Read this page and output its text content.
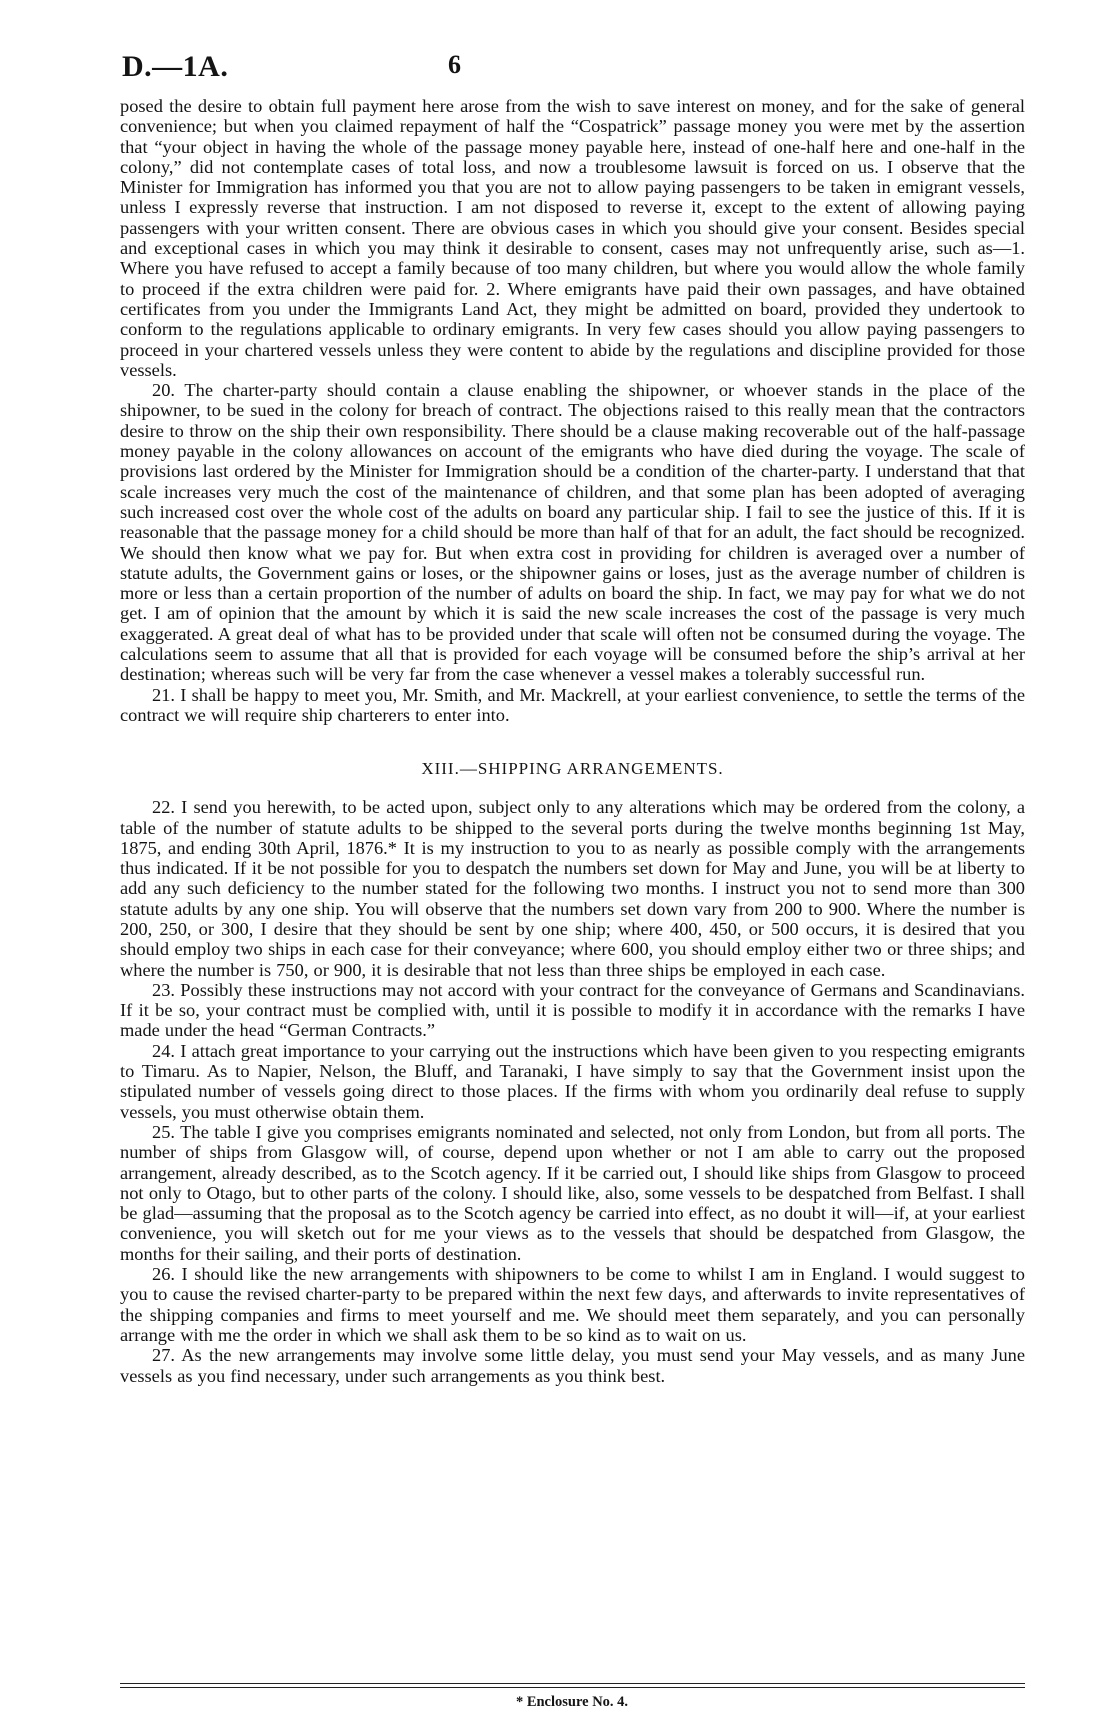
D.—1A.	6

posed the desire to obtain full payment here arose from the wish to save interest on money, and for the sake of general convenience; but when you claimed repayment of half the “Cospatrick” passage money you were met by the assertion that “your object in having the whole of the passage money payable here, instead of one-half here and one-half in the colony,” did not contemplate cases of total loss, and now a troublesome lawsuit is forced on us. I observe that the Minister for Immigration has informed you that you are not to allow paying passengers to be taken in emigrant vessels, unless I expressly reverse that instruction. I am not disposed to reverse it, except to the extent of allowing paying passengers with your written consent. There are obvious cases in which you should give your consent. Besides special and exceptional cases in which you may think it desirable to consent, cases may not unfrequently arise, such as—1. Where you have refused to accept a family because of too many children, but where you would allow the whole family to proceed if the extra children were paid for. 2. Where emigrants have paid their own passages, and have obtained certificates from you under the Immigrants Land Act, they might be admitted on board, provided they undertook to conform to the regulations applicable to ordinary emigrants. In very few cases should you allow paying passengers to proceed in your chartered vessels unless they were content to abide by the regulations and discipline provided for those vessels.

20. The charter-party should contain a clause enabling the shipowner, or whoever stands in the place of the shipowner, to be sued in the colony for breach of contract. The objections raised to this really mean that the contractors desire to throw on the ship their own responsibility. There should be a clause making recoverable out of the half-passage money payable in the colony allowances on account of the emigrants who have died during the voyage. The scale of provisions last ordered by the Minister for Immigration should be a condition of the charter-party. I understand that that scale increases very much the cost of the maintenance of children, and that some plan has been adopted of averaging such increased cost over the whole cost of the adults on board any particular ship. I fail to see the justice of this. If it is reasonable that the passage money for a child should be more than half of that for an adult, the fact should be recognized. We should then know what we pay for. But when extra cost in providing for children is averaged over a number of statute adults, the Government gains or loses, or the shipowner gains or loses, just as the average number of children is more or less than a certain proportion of the number of adults on board the ship. In fact, we may pay for what we do not get. I am of opinion that the amount by which it is said the new scale increases the cost of the passage is very much exaggerated. A great deal of what has to be provided under that scale will often not be consumed during the voyage. The calculations seem to assume that all that is provided for each voyage will be consumed before the ship’s arrival at her destination; whereas such will be very far from the case whenever a vessel makes a tolerably successful run.

21. I shall be happy to meet you, Mr. Smith, and Mr. Mackrell, at your earliest convenience, to settle the terms of the contract we will require ship charterers to enter into.

XIII.—SHIPPING ARRANGEMENTS.

22. I send you herewith, to be acted upon, subject only to any alterations which may be ordered from the colony, a table of the number of statute adults to be shipped to the several ports during the twelve months beginning 1st May, 1875, and ending 30th April, 1876.* It is my instruction to you to as nearly as possible comply with the arrangements thus indicated. If it be not possible for you to despatch the numbers set down for May and June, you will be at liberty to add any such deficiency to the number stated for the following two months. I instruct you not to send more than 300 statute adults by any one ship. You will observe that the numbers set down vary from 200 to 900. Where the number is 200, 250, or 300, I desire that they should be sent by one ship; where 400, 450, or 500 occurs, it is desired that you should employ two ships in each case for their conveyance; where 600, you should employ either two or three ships; and where the number is 750, or 900, it is desirable that not less than three ships be employed in each case.

23. Possibly these instructions may not accord with your contract for the conveyance of Germans and Scandinavians. If it be so, your contract must be complied with, until it is possible to modify it in accordance with the remarks I have made under the head “German Contracts.”

24. I attach great importance to your carrying out the instructions which have been given to you respecting emigrants to Timaru. As to Napier, Nelson, the Bluff, and Taranaki, I have simply to say that the Government insist upon the stipulated number of vessels going direct to those places. If the firms with whom you ordinarily deal refuse to supply vessels, you must otherwise obtain them.

25. The table I give you comprises emigrants nominated and selected, not only from London, but from all ports. The number of ships from Glasgow will, of course, depend upon whether or not I am able to carry out the proposed arrangement, already described, as to the Scotch agency. If it be carried out, I should like ships from Glasgow to proceed not only to Otago, but to other parts of the colony. I should like, also, some vessels to be despatched from Belfast. I shall be glad—assuming that the proposal as to the Scotch agency be carried into effect, as no doubt it will—if, at your earliest convenience, you will sketch out for me your views as to the vessels that should be despatched from Glasgow, the months for their sailing, and their ports of destination.

26. I should like the new arrangements with shipowners to be come to whilst I am in England. I would suggest to you to cause the revised charter-party to be prepared within the next few days, and afterwards to invite representatives of the shipping companies and firms to meet yourself and me. We should meet them separately, and you can personally arrange with me the order in which we shall ask them to be so kind as to wait on us.

27. As the new arrangements may involve some little delay, you must send your May vessels, and as many June vessels as you find necessary, under such arrangements as you think best.

* Enclosure No. 4.
